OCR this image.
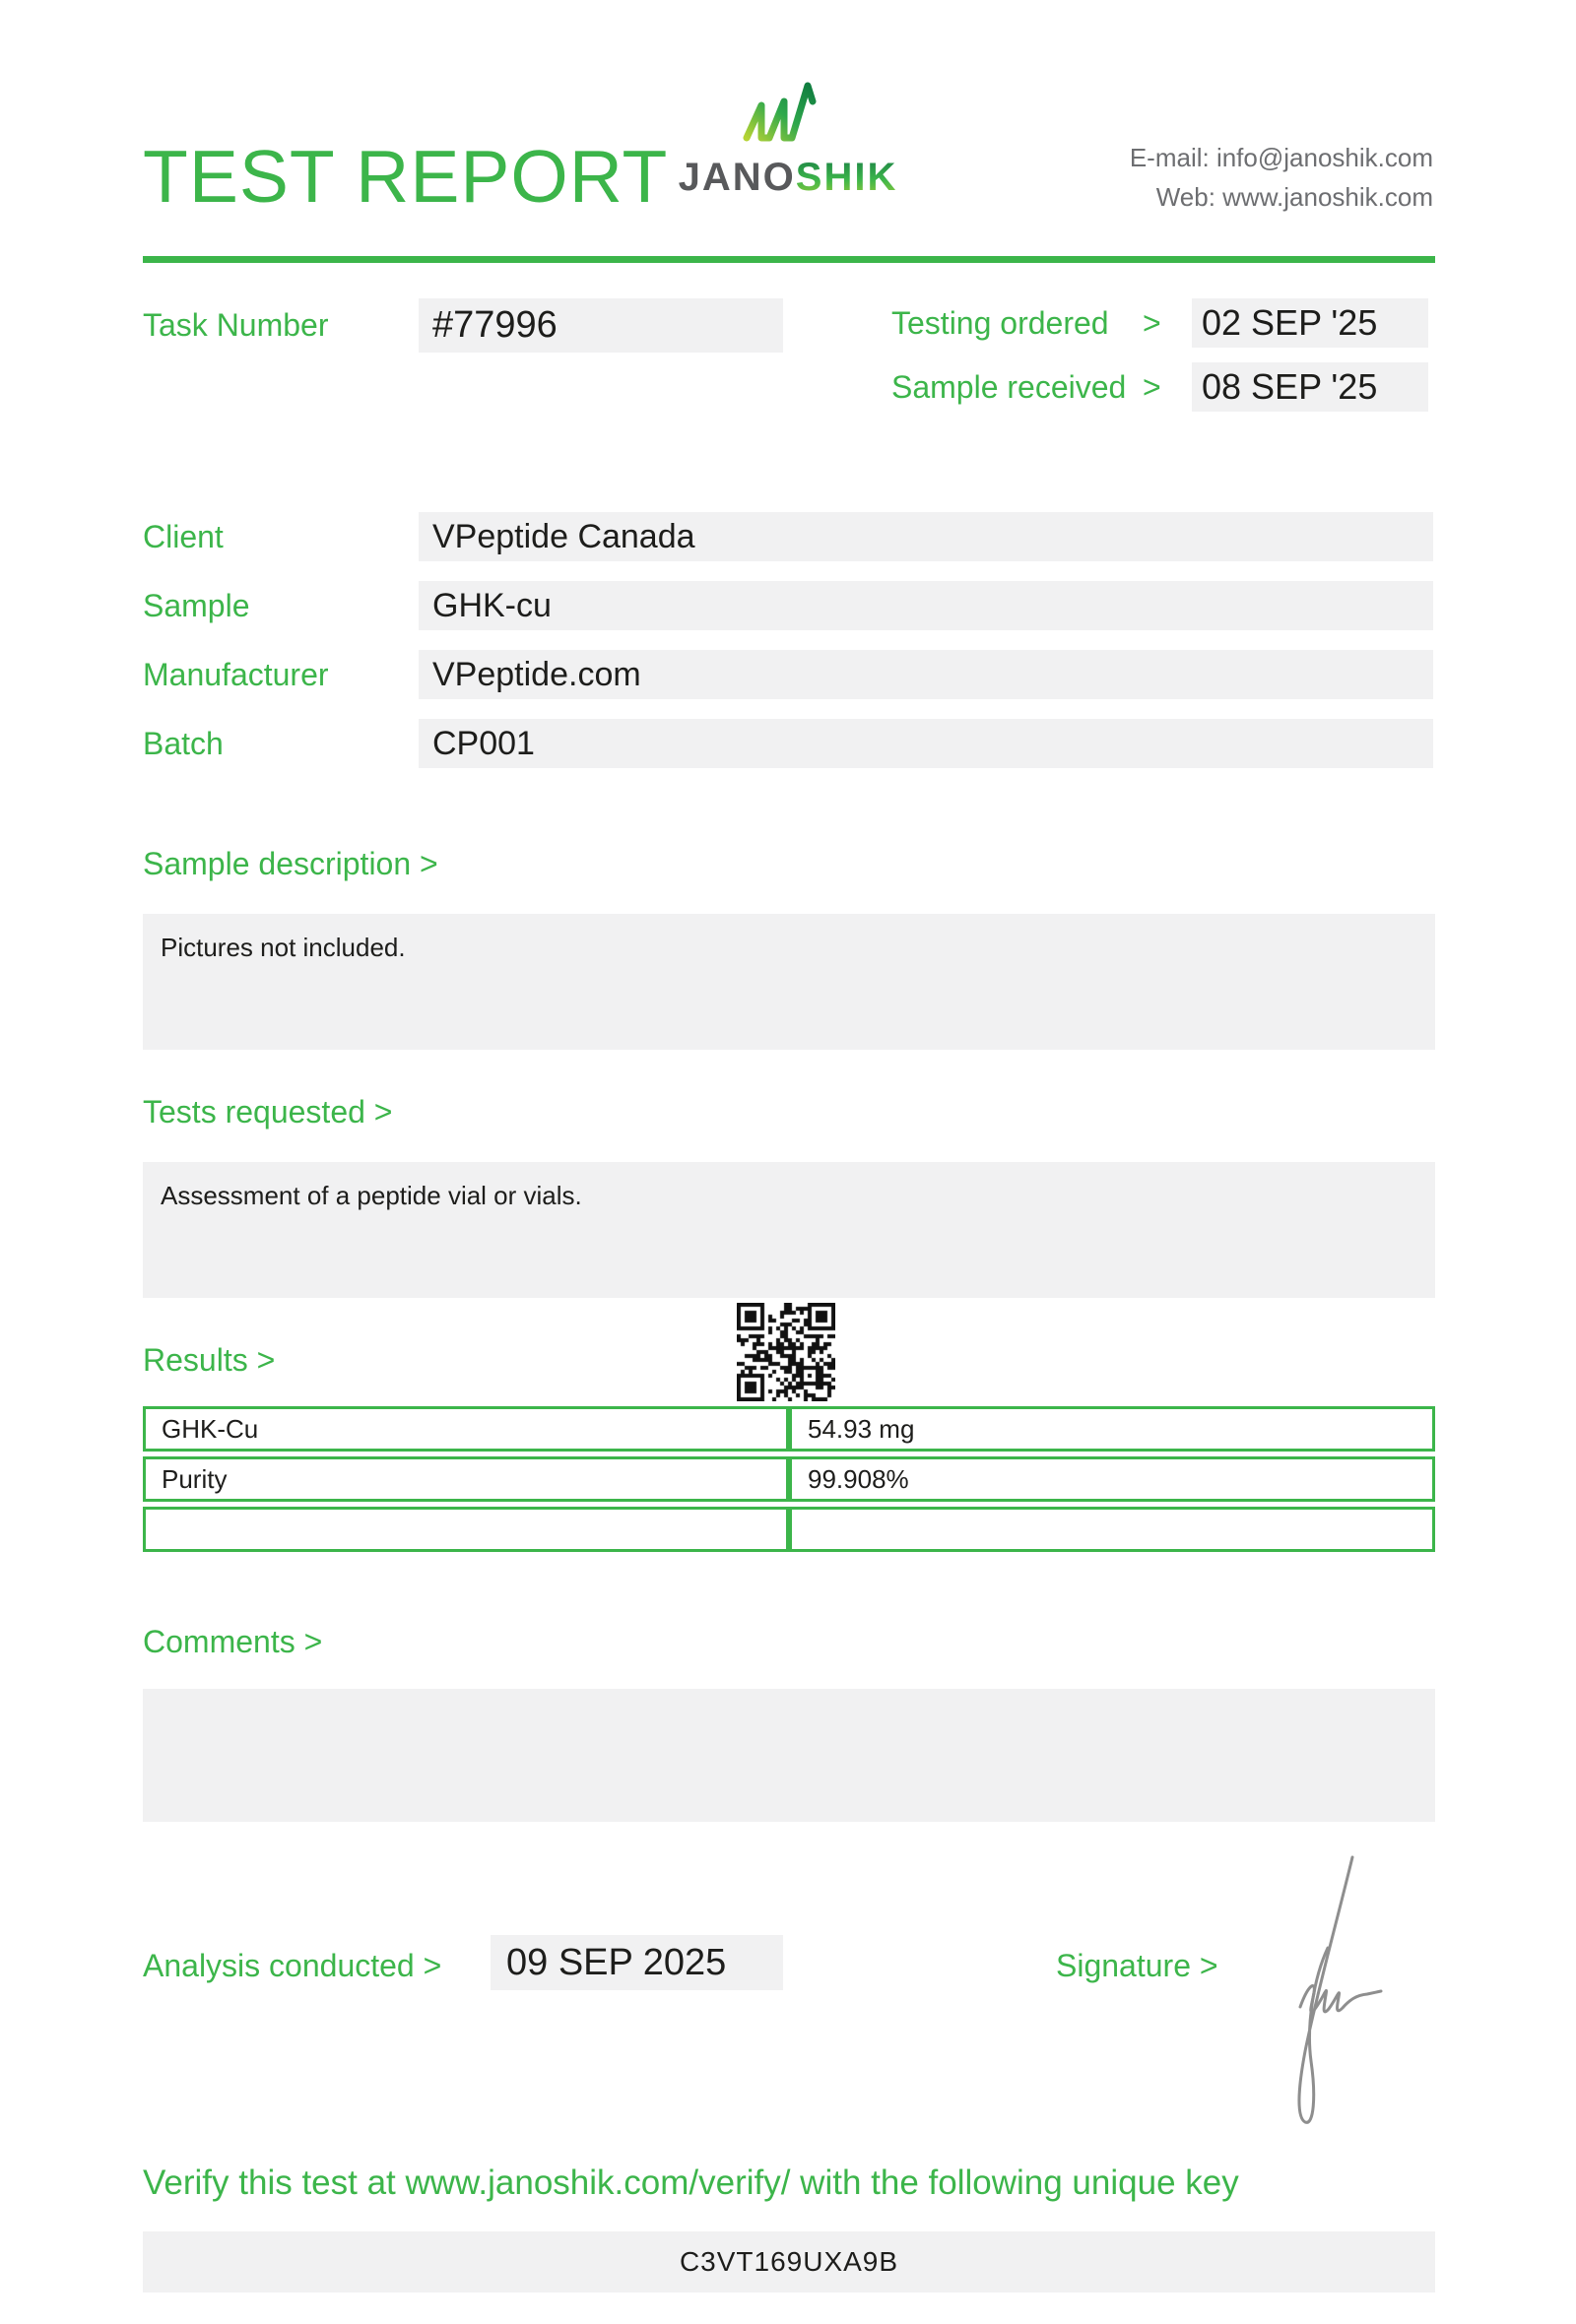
TEST REPORT JANOSHIK	E-mail: info@janoshik.com
Web: www.janoshik.com
Task Number	#77996	Testing ordered > 02 SEP '25
Sample received > 08 SEP '25
Client	VPeptide Canada
Sample	GHK-cu
Manufacturer	VPeptide.com
Batch	CP001
Sample description >
Pictures not included.
Tests requested >
Assessment of a peptide vial or vials.
Results >
GHK-Cu	54.93 mg
Purity	99.908%

Comments >
Analysis conducted >	09 SEP 2025	Signature >
Verify this test at www.janoshik.com/verify/ with the following unique key
C3VT169UXA9B
